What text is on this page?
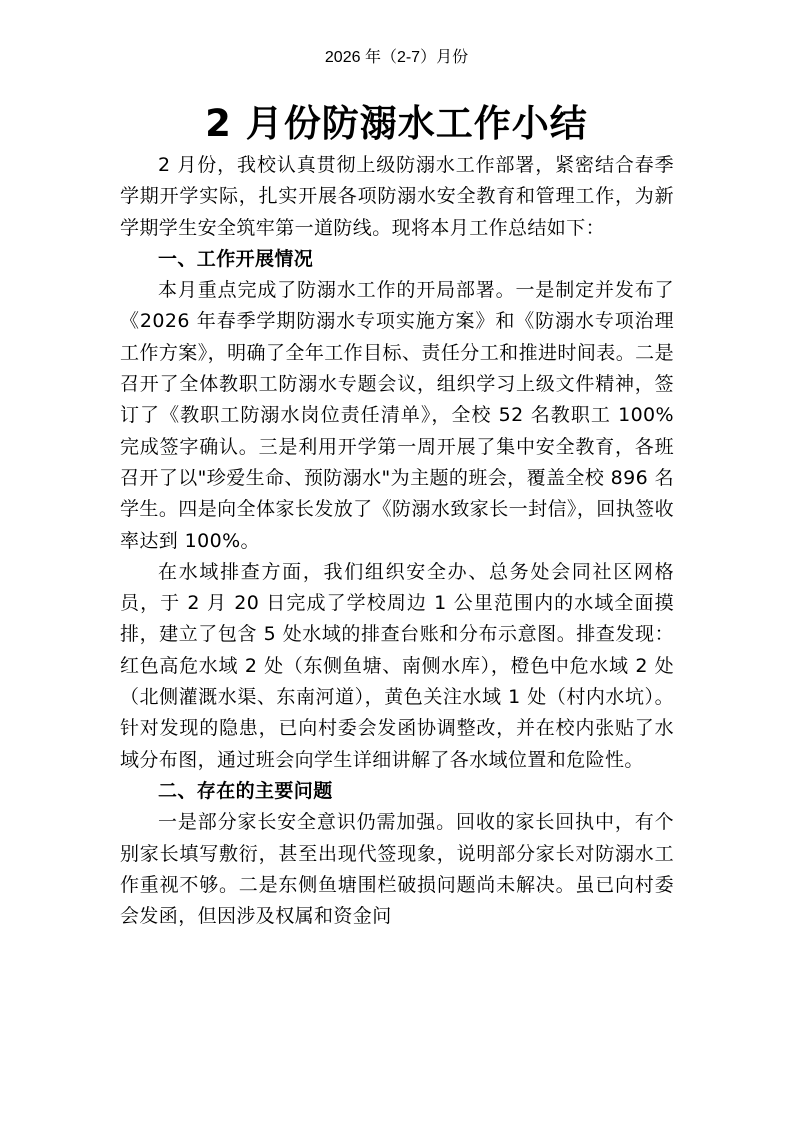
2026 年（2-7）月份
2 月份防溺水工作小结

2 月份，我校认真贯彻上级防溺水工作部署，紧密结合春季学期开学实际，扎实开展各项防溺水安全教育和管理工作，为新学期学生安全筑牢第一道防线。现将本月工作总结如下：

一、工作开展情况

本月重点完成了防溺水工作的开局部署。一是制定并发布了《2026 年春季学期防溺水专项实施方案》和《防溺水专项治理工作方案》，明确了全年工作目标、责任分工和推进时间表。二是召开了全体教职工防溺水专题会议，组织学习上级文件精神，签订了《教职工防溺水岗位责任清单》，全校 52 名教职工 100%完成签字确认。三是利用开学第一周开展了集中安全教育，各班召开了以"珍爱生命、预防溺水"为主题的班会，覆盖全校 896 名学生。四是向全体家长发放了《防溺水致家长一封信》，回执签收率达到 100%。

在水域排查方面，我们组织安全办、总务处会同社区网格员，于 2 月 20 日完成了学校周边 1 公里范围内的水域全面摸排，建立了包含 5 处水域的排查台账和分布示意图。排查发现：红色高危水域 2 处（东侧鱼塘、南侧水库），橙色中危水域 2 处（北侧灌溉水渠、东南河道），黄色关注水域 1 处（村内水坑）。针对发现的隐患，已向村委会发函协调整改，并在校内张贴了水域分布图，通过班会向学生详细讲解了各水域位置和危险性。

二、存在的主要问题

一是部分家长安全意识仍需加强。回收的家长回执中，有个别家长填写敷衍，甚至出现代签现象，说明部分家长对防溺水工作重视不够。二是东侧鱼塘围栏破损问题尚未解决。虽已向村委会发函，但因涉及权属和资金问
